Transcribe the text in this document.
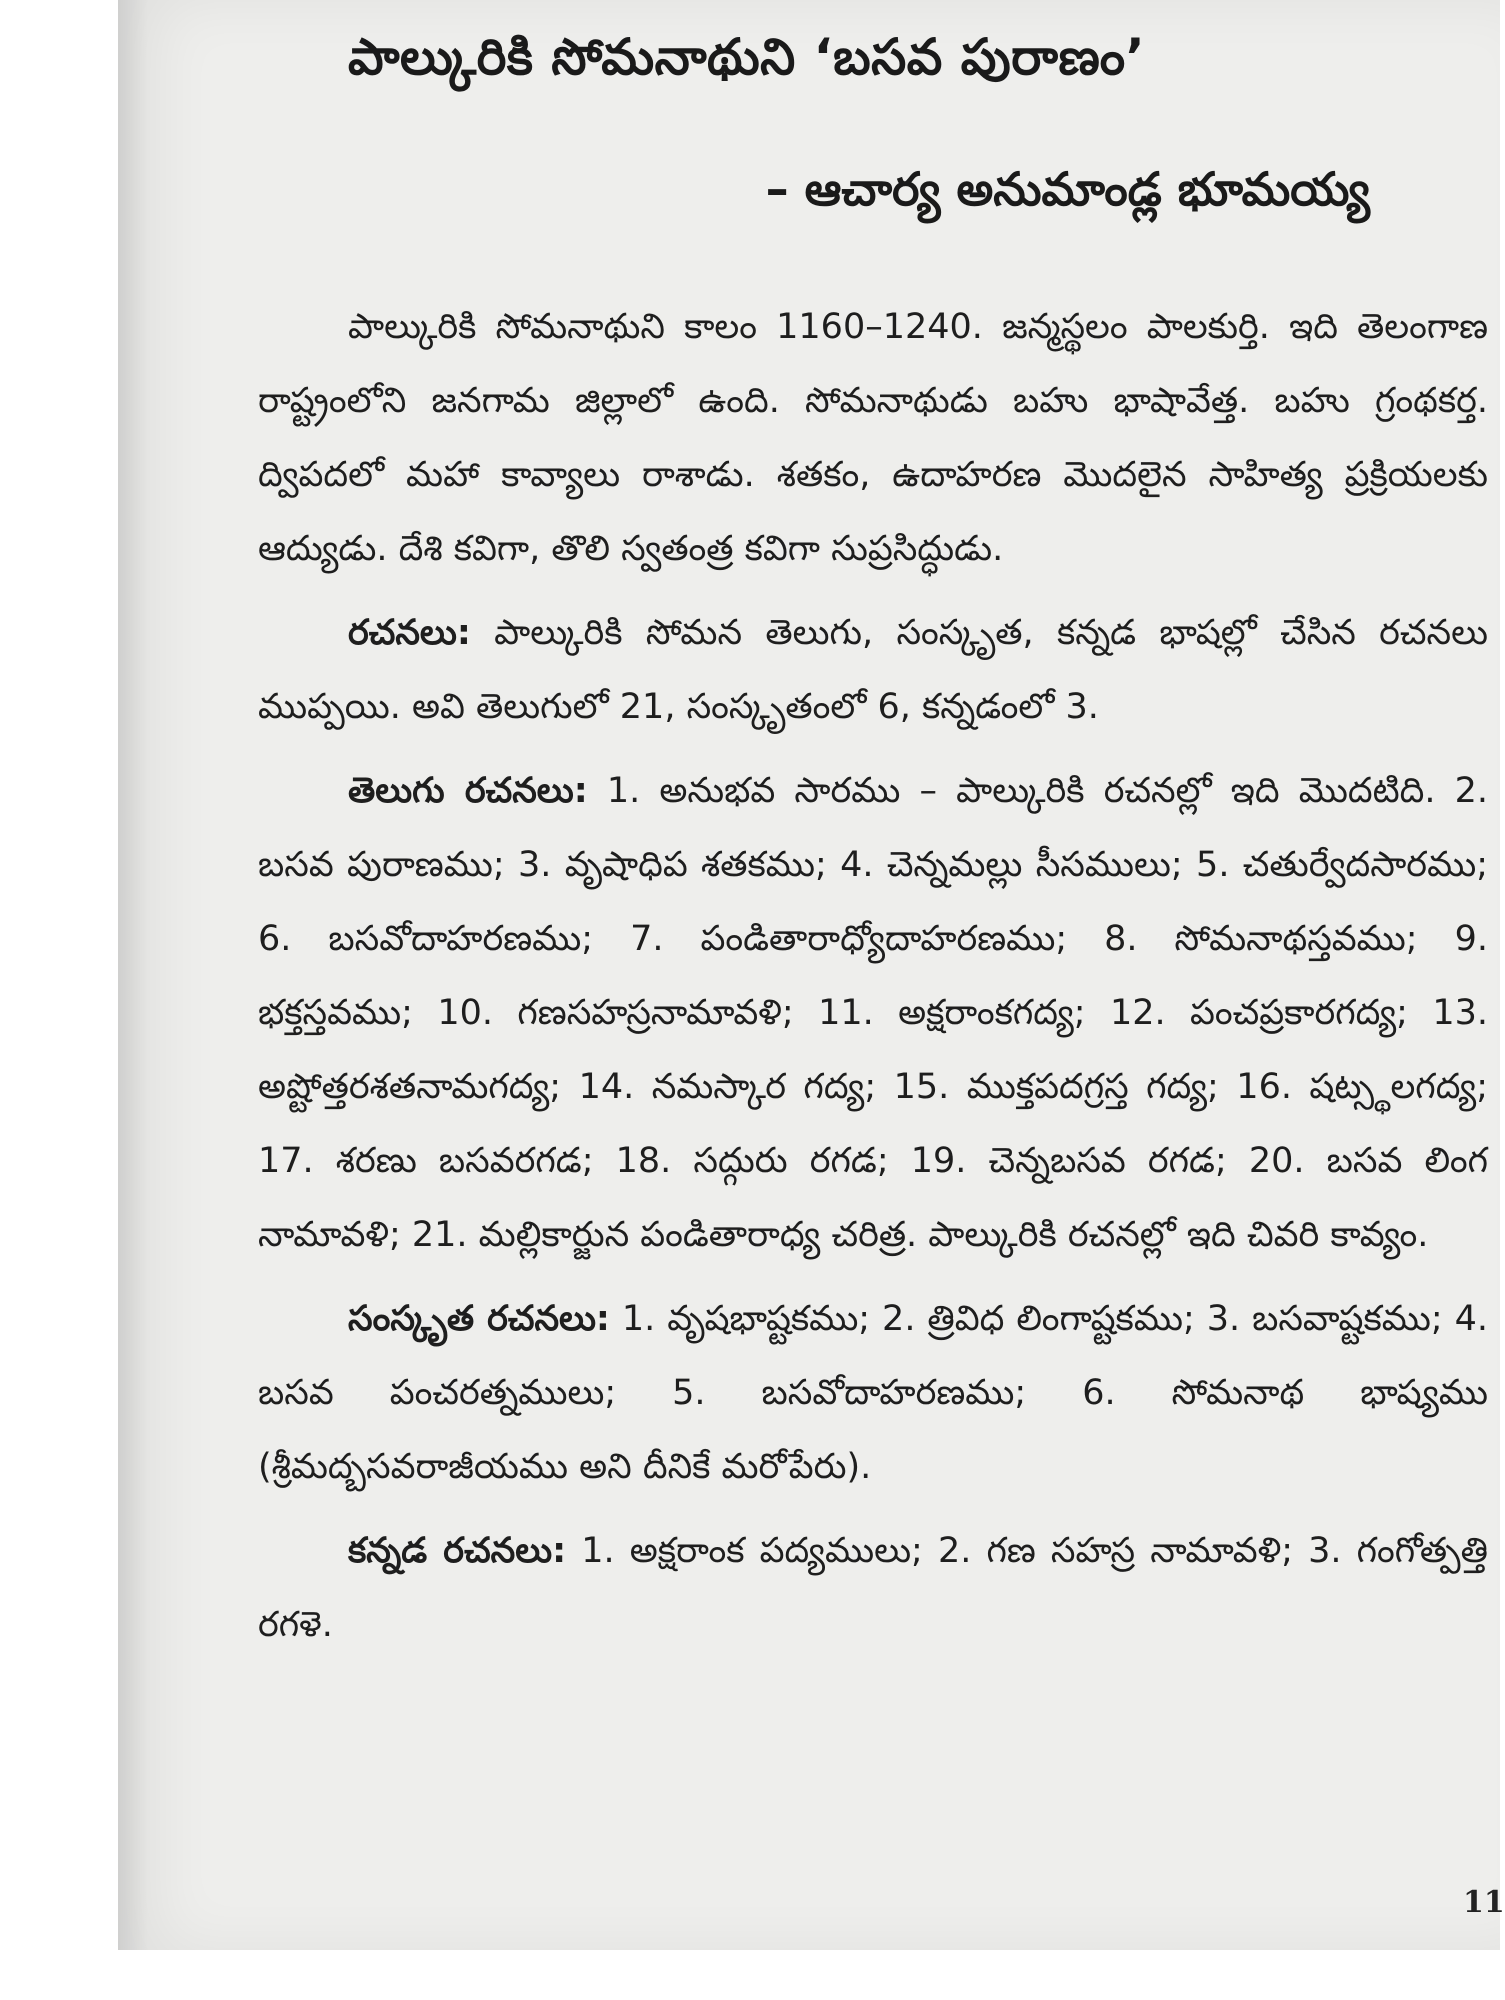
పాల్కురికి సోమనాథుని ‘బసవ పురాణం’
– ఆచార్య అనుమాండ్ల భూమయ్య

పాల్కురికి సోమనాథుని కాలం 1160–1240. జన్మస్థలం పాలకుర్తి. ఇది తెలంగాణ రాష్ట్రంలోని జనగామ జిల్లాలో ఉంది. సోమనాథుడు బహు భాషావేత్త. బహు గ్రంథకర్త. ద్విపదలో మహా కావ్యాలు రాశాడు. శతకం, ఉదాహరణ మొదలైన సాహిత్య ప్రక్రియలకు ఆద్యుడు. దేశి కవిగా, తొలి స్వతంత్ర కవిగా సుప్రసిద్ధుడు.

రచనలు: పాల్కురికి సోమన తెలుగు, సంస్కృత, కన్నడ భాషల్లో చేసిన రచనలు ముప్పయి. అవి తెలుగులో 21, సంస్కృతంలో 6, కన్నడంలో 3.

తెలుగు రచనలు: 1. అనుభవ సారము – పాల్కురికి రచనల్లో ఇది మొదటిది. 2. బసవ పురాణము; 3. వృషాధిప శతకము; 4. చెన్నమల్లు సీసములు; 5. చతుర్వేదసారము; 6. బసవోదాహరణము; 7. పండితారాధ్యోదాహరణము; 8. సోమనాథస్తవము; 9. భక్తస్తవము; 10. గణసహస్రనామావళి; 11. అక్షరాంకగద్య; 12. పంచప్రకారగద్య; 13. అష్టోత్తరశతనామగద్య; 14. నమస్కార గద్య; 15. ముక్తపదగ్రస్త గద్య; 16. షట్స్థలగద్య; 17. శరణు బసవరగడ; 18. సద్గురు రగడ; 19. చెన్నబసవ రగడ; 20. బసవ లింగ నామావళి; 21. మల్లికార్జున పండితారాధ్య చరిత్ర. పాల్కురికి రచనల్లో ఇది చివరి కావ్యం.

సంస్కృత రచనలు: 1. వృషభాష్టకము; 2. త్రివిధ లింగాష్టకము; 3. బసవాష్టకము; 4. బసవ పంచరత్నములు; 5. బసవోదాహరణము; 6. సోమనాథ భాష్యము (శ్రీమద్బసవరాజీయము అని దీనికే మరోపేరు).

కన్నడ రచనలు: 1. అక్షరాంక పద్యములు; 2. గణ సహస్ర నామావళి; 3. గంగోత్పత్తి రగళె.

11
